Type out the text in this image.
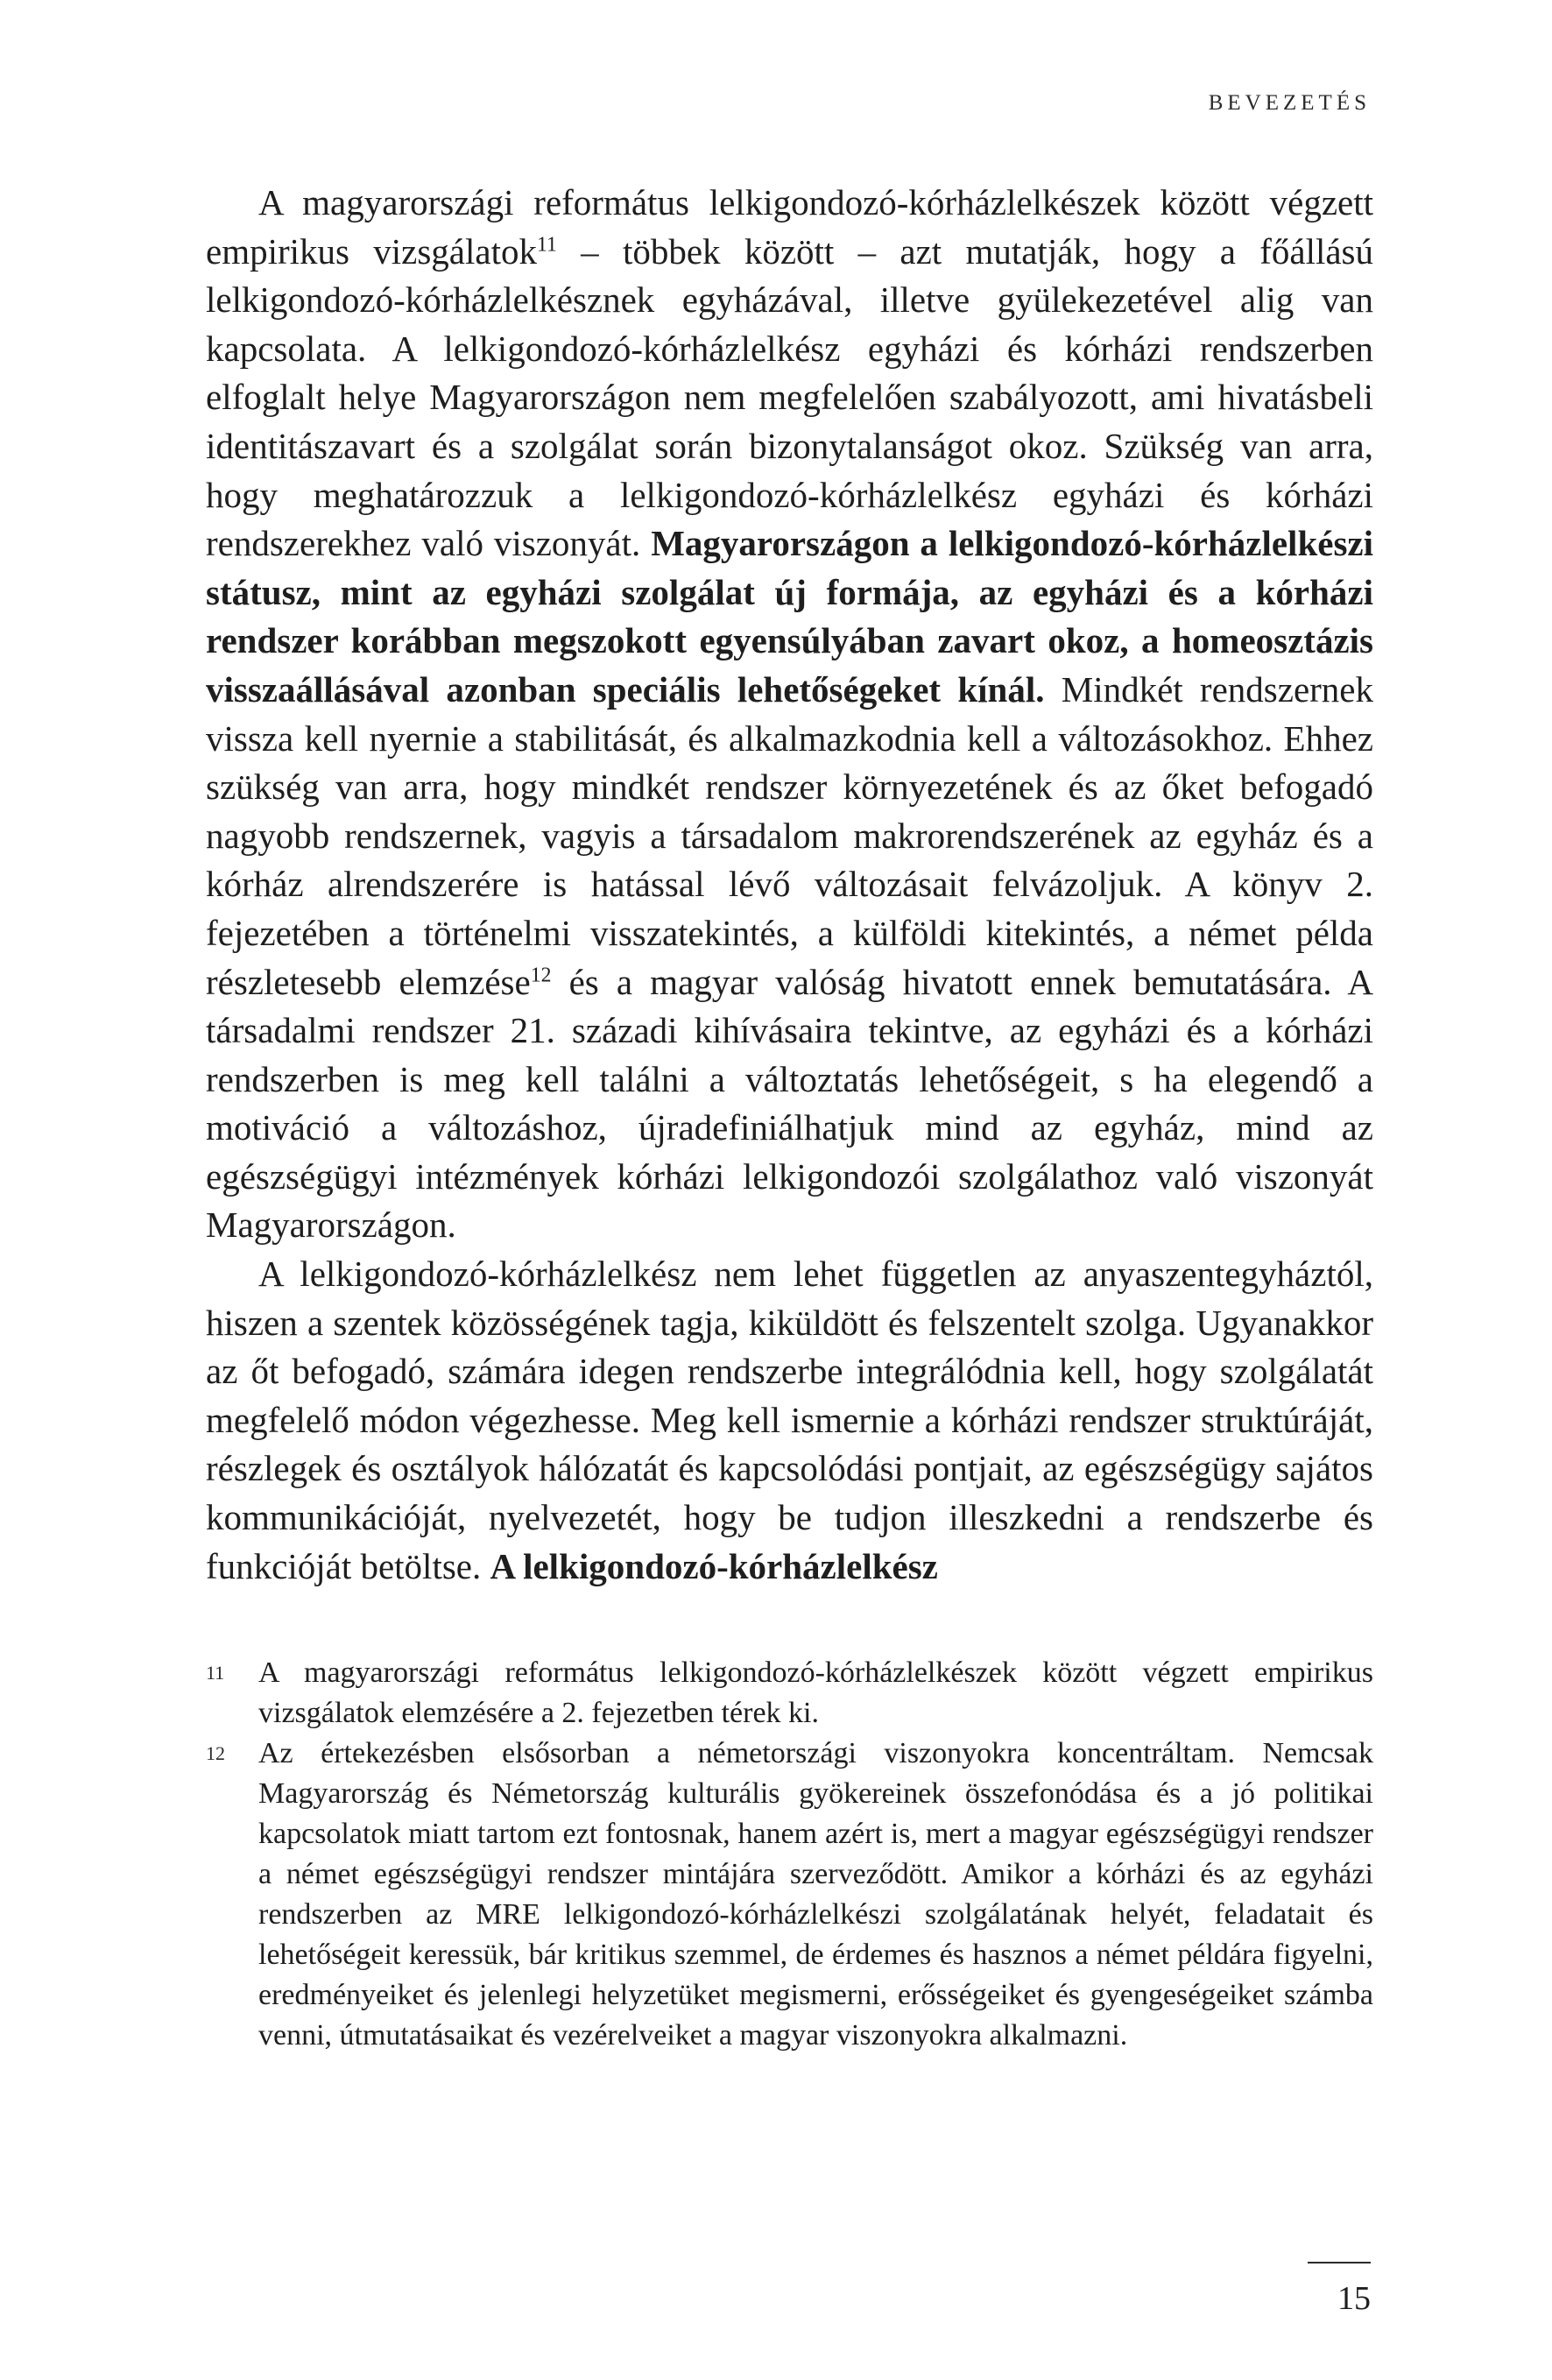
BEVEZETÉS

A magyarországi református lelkigondozó-kórházlelkészek között végzett empirikus vizsgálatok$^{11}$ – többek között – azt mutatják, hogy a főállású lelkigondozó-kórházlelkésznek egyházával, illetve gyülekezetével alig van kapcsolata. A lelkigondozó-kórházlelkész egyházi és kórházi rendszerben elfoglalt helye Magyarországon nem megfelelően szabályozott, ami hivatásbeli identitászavart és a szolgálat során bizonytalanságot okoz. Szükség van arra, hogy meghatározzuk a lelkigondozó-kórházlelkész egyházi és kórházi rendszerekhez való viszonyát. Magyarországon a lelkigondozó-kórházlelkészi státusz, mint az egyházi szolgálat új formája, az egyházi és a kórházi rendszer korábban megszokott egyensúlyában zavart okoz, a homeosztázis visszaállásával azonban speciális lehetőségeket kínál. Mindkét rendszernek vissza kell nyernie a stabilitását, és alkalmazkodnia kell a változásokhoz. Ehhez szükség van arra, hogy mindkét rendszer környezetének és az őket befogadó nagyobb rendszernek, vagyis a társadalom makrorendszerének az egyház és a kórház alrendszerére is hatással lévő változásait felvázoljuk. A könyv 2. fejezetében a történelmi visszatekintés, a külföldi kitekintés, a német példa részletesebb elemzése$^{12}$ és a magyar valóság hivatott ennek bemutatására. A társadalmi rendszer 21. századi kihívásaira tekintve, az egyházi és a kórházi rendszerben is meg kell találni a változtatás lehetőségeit, s ha elegendő a motiváció a változáshoz, újradefiniálhatjuk mind az egyház, mind az egészségügyi intézmények kórházi lelkigondozói szolgálathoz való viszonyát Magyarországon.

A lelkigondozó-kórházlelkész nem lehet független az anyaszentegyháztól, hiszen a szentek közösségének tagja, kiküldött és felszentelt szolga. Ugyanakkor az őt befogadó, számára idegen rendszerbe integrálódnia kell, hogy szolgálatát megfelelő módon végezhesse. Meg kell ismernie a kórházi rendszer struktúráját, részlegek és osztályok hálózatát és kapcsolódási pontjait, az egészségügy sajátos kommunikációját, nyelvezetét, hogy be tudjon illeszkedni a rendszerbe és funkcióját betöltse. A lelkigondozó-kórházlelkész

11	A magyarországi református lelkigondozó-kórházlelkészek között végzett empirikus vizsgálatok elemzésére a 2. fejezetben térek ki.
12	Az értekezésben elsősorban a németországi viszonyokra koncentráltam. Nemcsak Magyarország és Németország kulturális gyökereinek összefonódása és a jó politikai kapcsolatok miatt tartom ezt fontosnak, hanem azért is, mert a magyar egészségügyi rendszer a német egészségügyi rendszer mintájára szerveződött. Amikor a kórházi és az egyházi rendszerben az MRE lelkigondozó-kórházlelkészi szolgálatának helyét, feladatait és lehetőségeit keressük, bár kritikus szemmel, de érdemes és hasznos a német példára figyelni, eredményeiket és jelenlegi helyzetüket megismerni, erősségeiket és gyengeségeiket számba venni, útmutatásaikat és vezérelveiket a magyar viszonyokra alkalmazni.
15
